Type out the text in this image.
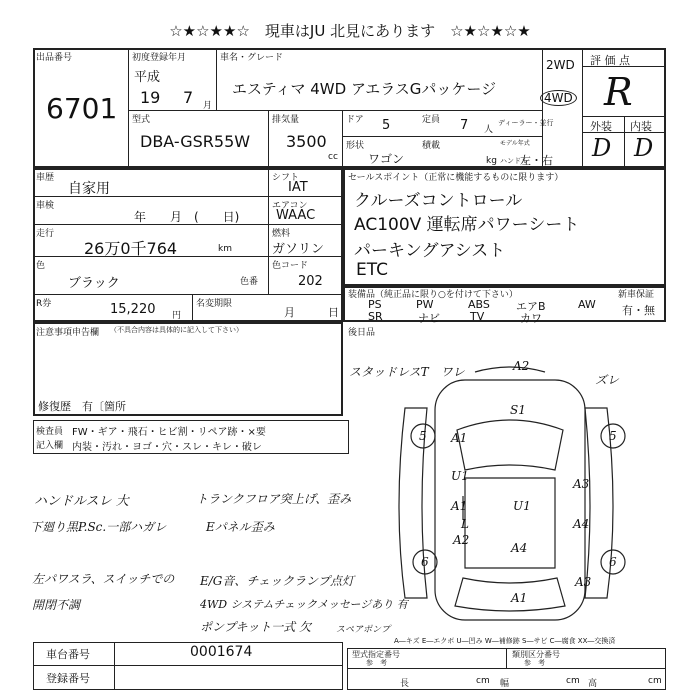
☆★☆★★☆　現車はJU 北見にあります　☆★☆★☆★
出品番号
6701
初度登録年月
平成
19 7 月
車名・グレード
エスティマ 4WD アエラスGパッケージ
2WD
4WD
型式
DBA-GSR55W
排気量
3500
cc
ドア 5	定員 7 人
ディーラー・並行
形状
ワゴン
積載
kg
モデル年式
ハンドル
左・右
評 価 点
R
外装 内装
D D
車歴
自家用
車検
年　　月　(　　日)
走行
26万0千764	km
色
ブラック	色番
色コード
202
R券	15,220 円
名変期限
月　　　日
シフト
IAT
エアコン
WAAC
燃料
ガソリン
セールスポイント（正常に機能するものに限ります）
クルーズコントロール
AC100V 運転席パワーシート
パーキングアシスト
ETC
装備品（純正品に限り○を付けて下さい）
PS	PW	ABS エアB	AW
SR	ナビ	TV	カワ
新車保証
有・無
後日品
注意事項申告欄 （不具合内容は具体的に記入して下さい）
修復歴　有〔箇所
検査員
記入欄
FW・ギア・飛石・ヒビ割・リペア跡・×要
内装・汚れ・ヨゴ・穴・スレ・キレ・破レ
ハンドルスレ 大	トランクフロア突上げ、歪み
下廻り黒P.Sc.一部ハガレ	Eパネル歪み
左パワスラ、スイッチでの
開閉不調
E/G音、チェックランプ点灯
4WD システムチェックメッセージあり 有
ポンプキット一式 欠	スペアポンプ
スタッドレスT　ワレ	A2
ズレ
S1
A1
A1
U1
U1
L
A2
A3
A4
A4
A3
A1
5	5
6	6
A―キズ E―エクボ U―凹み W―補修跡 S―サビ C―腐食 XX―交換済
車台番号	0001674
登録番号
型式指定番号
参　考
類別区分番号
参　考
長	cm 幅	cm 高	cm
